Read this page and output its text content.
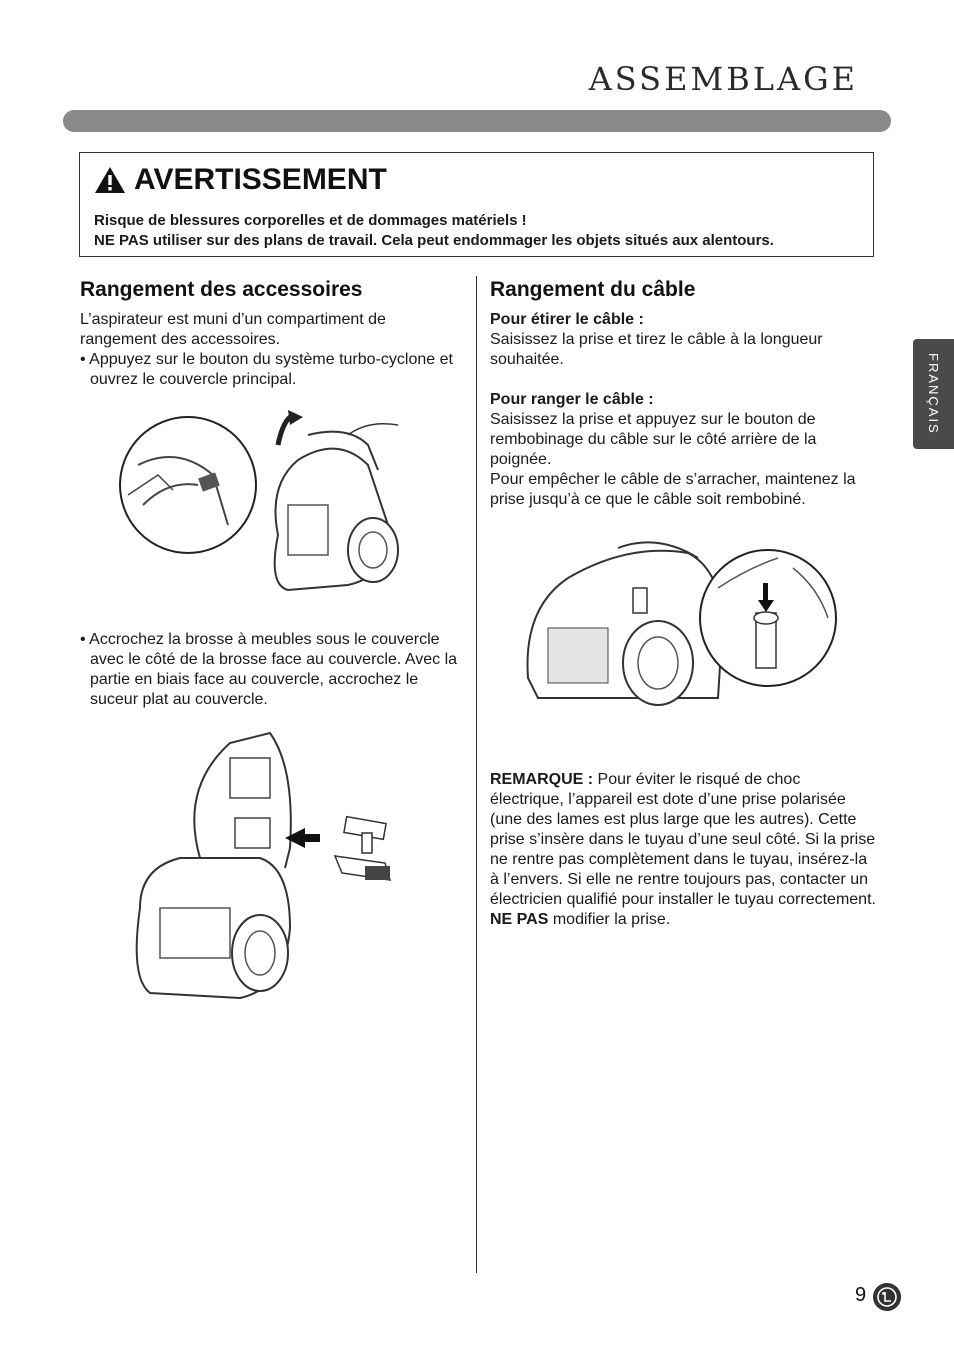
ASSEMBLAGE
AVERTISSEMENT
Risque de blessures corporelles et de dommages matériels !
NE PAS utiliser sur des plans de travail. Cela peut endommager les objets situés aux alentours.
FRANÇAIS
Rangement des accessoires

L’aspirateur est muni d’un compartiment de rangement des accessoires.

• Appuyez sur le bouton du système turbo-cyclone et ouvrez le couvercle principal.

• Accrochez la brosse à meubles sous le couvercle avec le côté de la brosse face au couvercle. Avec la partie en biais face au couvercle, accrochez le suceur plat au couvercle.

Rangement du câble

Pour étirer le câble :

Saisissez la prise et tirez le câble à la longueur souhaitée.

Pour ranger le câble :

Saisissez la prise et appuyez sur le bouton de rembobinage du câble sur le côté arrière de la poignée.

Pour empêcher le câble de s’arracher, maintenez la prise jusqu’à ce que le câble soit rembobiné.

REMARQUE : Pour éviter le risqué de choc électrique, l’appareil est dote d’une prise polarisée (une des lames est plus large que les autres). Cette prise s’insère dans le tuyau d’une seul côté. Si la prise ne rentre pas complètement dans le tuyau, insérez-la à l’envers. Si elle ne rentre toujours pas, contacter un électricien qualifié pour installer le tuyau correctement. NE PAS modifier la prise.

9
